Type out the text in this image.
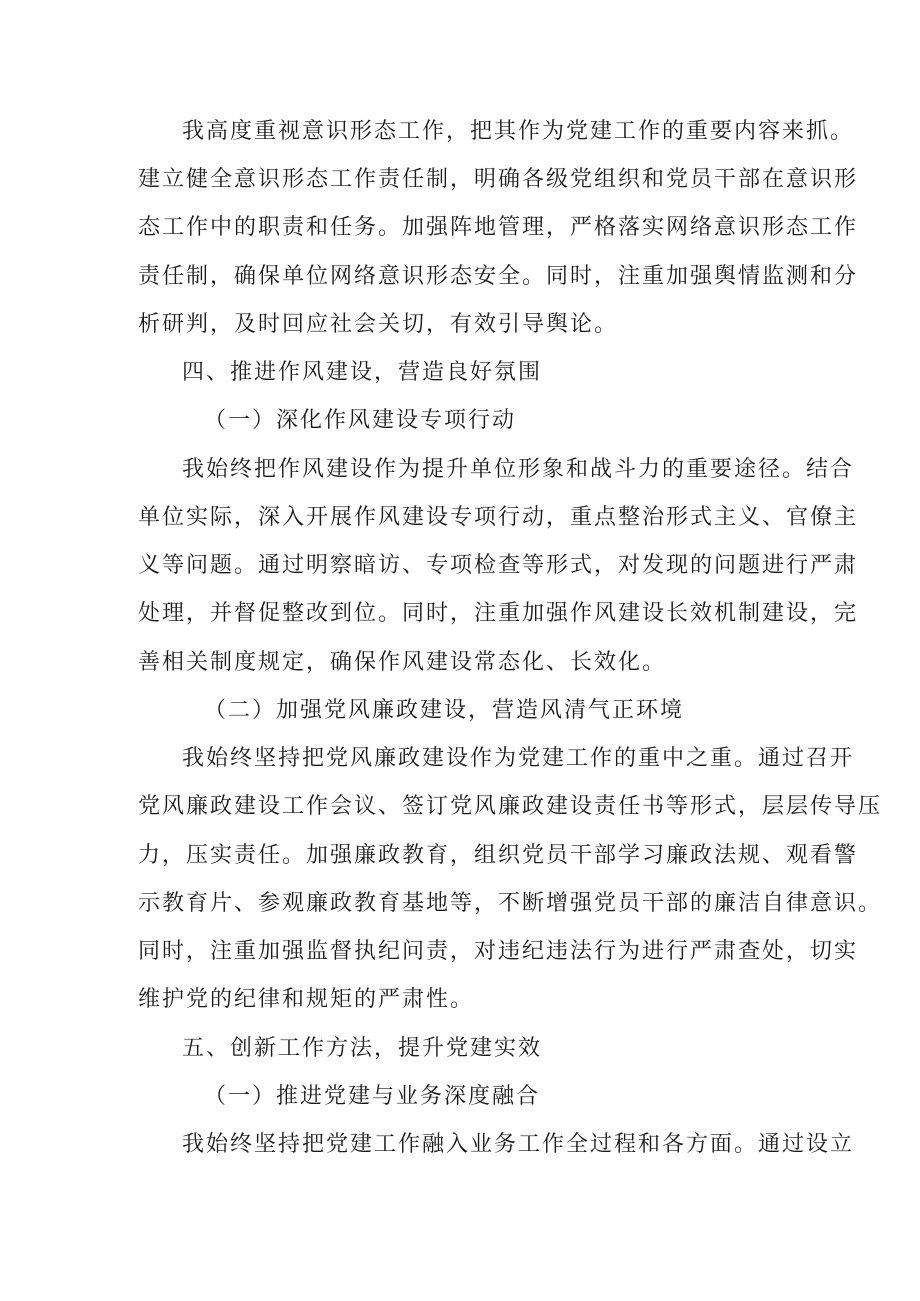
我高度重视意识形态工作，把其作为党建工作的重要内容来抓。
建立健全意识形态工作责任制，明确各级党组织和党员干部在意识形
态工作中的职责和任务。加强阵地管理，严格落实网络意识形态工作
责任制，确保单位网络意识形态安全。同时，注重加强舆情监测和分
析研判，及时回应社会关切，有效引导舆论。
四、推进作风建设，营造良好氛围
（一）深化作风建设专项行动
我始终把作风建设作为提升单位形象和战斗力的重要途径。结合
单位实际，深入开展作风建设专项行动，重点整治形式主义、官僚主
义等问题。通过明察暗访、专项检查等形式，对发现的问题进行严肃
处理，并督促整改到位。同时，注重加强作风建设长效机制建设，完
善相关制度规定，确保作风建设常态化、长效化。
（二）加强党风廉政建设，营造风清气正环境
我始终坚持把党风廉政建设作为党建工作的重中之重。通过召开
党风廉政建设工作会议、签订党风廉政建设责任书等形式，层层传导压
力，压实责任。加强廉政教育，组织党员干部学习廉政法规、观看警
示教育片、参观廉政教育基地等，不断增强党员干部的廉洁自律意识。
同时，注重加强监督执纪问责，对违纪违法行为进行严肃查处，切实
维护党的纪律和规矩的严肃性。
五、创新工作方法，提升党建实效
（一）推进党建与业务深度融合
我始终坚持把党建工作融入业务工作全过程和各方面。通过设立
